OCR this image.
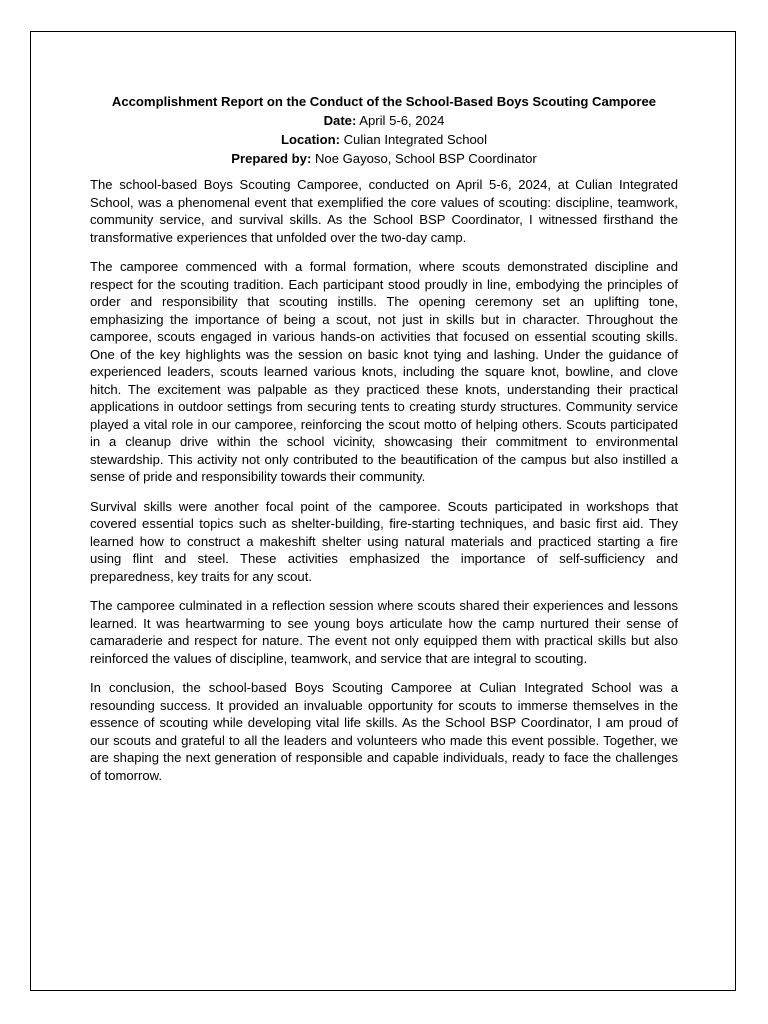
Accomplishment Report on the Conduct of the School-Based Boys Scouting Camporee
Date: April 5-6, 2024
Location: Culian Integrated School
Prepared by: Noe Gayoso, School BSP Coordinator

The school-based Boys Scouting Camporee, conducted on April 5-6, 2024, at Culian Integrated School, was a phenomenal event that exemplified the core values of scouting: discipline, teamwork, community service, and survival skills. As the School BSP Coordinator, I witnessed firsthand the transformative experiences that unfolded over the two-day camp.

The camporee commenced with a formal formation, where scouts demonstrated discipline and respect for the scouting tradition. Each participant stood proudly in line, embodying the principles of order and responsibility that scouting instills. The opening ceremony set an uplifting tone, emphasizing the importance of being a scout, not just in skills but in character. Throughout the camporee, scouts engaged in various hands-on activities that focused on essential scouting skills. One of the key highlights was the session on basic knot tying and lashing. Under the guidance of experienced leaders, scouts learned various knots, including the square knot, bowline, and clove hitch. The excitement was palpable as they practiced these knots, understanding their practical applications in outdoor settings from securing tents to creating sturdy structures. Community service played a vital role in our camporee, reinforcing the scout motto of helping others. Scouts participated in a cleanup drive within the school vicinity, showcasing their commitment to environmental stewardship. This activity not only contributed to the beautification of the campus but also instilled a sense of pride and responsibility towards their community.

Survival skills were another focal point of the camporee. Scouts participated in workshops that covered essential topics such as shelter-building, fire-starting techniques, and basic first aid. They learned how to construct a makeshift shelter using natural materials and practiced starting a fire using flint and steel. These activities emphasized the importance of self-sufficiency and preparedness, key traits for any scout.

The camporee culminated in a reflection session where scouts shared their experiences and lessons learned. It was heartwarming to see young boys articulate how the camp nurtured their sense of camaraderie and respect for nature. The event not only equipped them with practical skills but also reinforced the values of discipline, teamwork, and service that are integral to scouting.

In conclusion, the school-based Boys Scouting Camporee at Culian Integrated School was a resounding success. It provided an invaluable opportunity for scouts to immerse themselves in the essence of scouting while developing vital life skills. As the School BSP Coordinator, I am proud of our scouts and grateful to all the leaders and volunteers who made this event possible. Together, we are shaping the next generation of responsible and capable individuals, ready to face the challenges of tomorrow.
